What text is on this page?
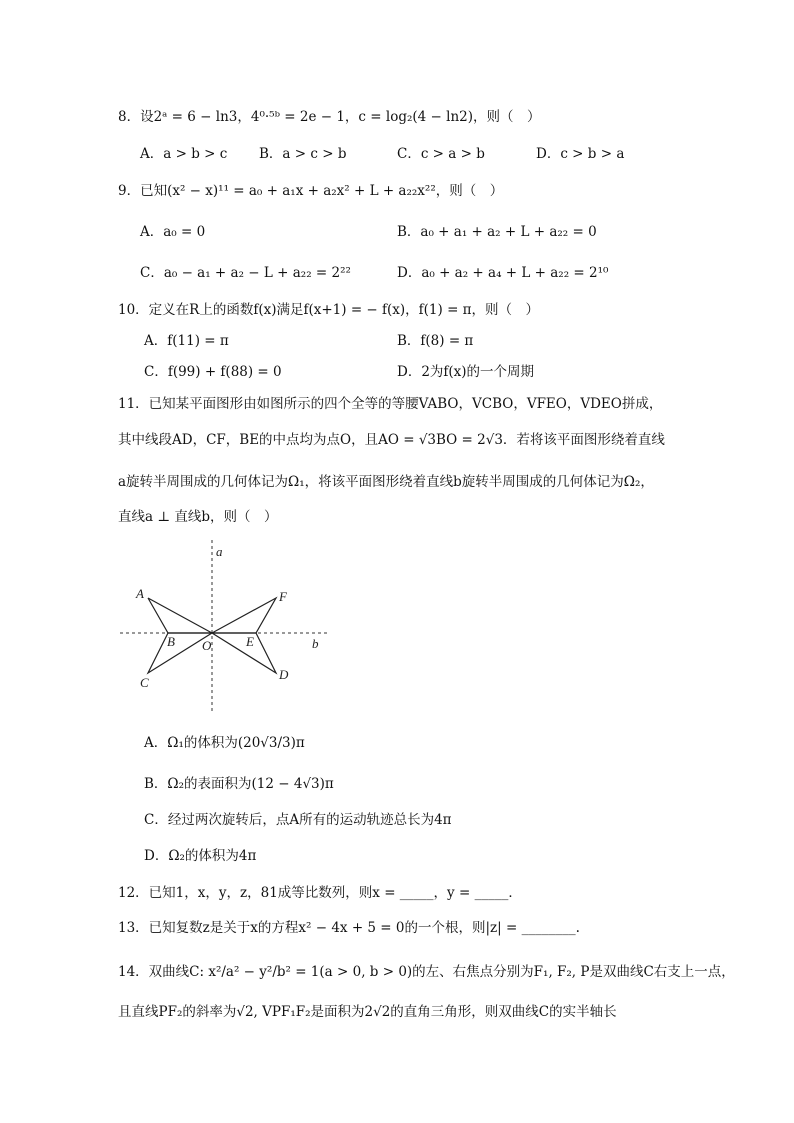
8．设2ᵃ = 6 − ln3，4⁰·⁵ᵇ = 2e − 1，c = log₂(4 − ln2)，则（　）
A．a > b > c B．a > c > b	C．c > a > b	D．c > b > a
9．已知(x² − x)¹¹ = a₀ + a₁x + a₂x² + L + a₂₂x²²，则（　）
A．a₀ = 0	B．a₀ + a₁ + a₂ + L + a₂₂ = 0
C．a₀ − a₁ + a₂ − L + a₂₂ = 2²²	D．a₀ + a₂ + a₄ + L + a₂₂ = 2¹⁰
10．定义在R上的函数f(x)满足f(x+1) = − f(x)，f(1) = π，则（　）
A．f(11) = π	B．f(8) = π
C．f(99) + f(88) = 0	D．2为f(x)的一个周期
11．已知某平面图形由如图所示的四个全等的等腰VABO，VCBO，VFEO，VDEO拼成，
其中线段AD，CF，BE的中点均为点O，且AO = √3BO = 2√3．若将该平面图形绕着直线
a旋转半周围成的几何体记为Ω₁，将该平面图形绕着直线b旋转半周围成的几何体记为Ω₂，
直线a ⊥ 直线b，则（　）
a
b
A
B
C
D
E
F
O
A．Ω₁的体积为(20√3/3)π
B．Ω₂的表面积为(12 − 4√3)π
C．经过两次旋转后，点A所有的运动轨迹总长为4π
D．Ω₂的体积为4π
12．已知1，x，y，z，81成等比数列，则x = _____，y = _____．
13．已知复数z是关于x的方程x² − 4x + 5 = 0的一个根，则|z| = ________.
14．双曲线C: x²/a² − y²/b² = 1(a > 0, b > 0)的左、右焦点分别为F₁, F₂, P是双曲线C右支上一点，
且直线PF₂的斜率为√2, VPF₁F₂是面积为2√2的直角三角形，则双曲线C的实半轴长
